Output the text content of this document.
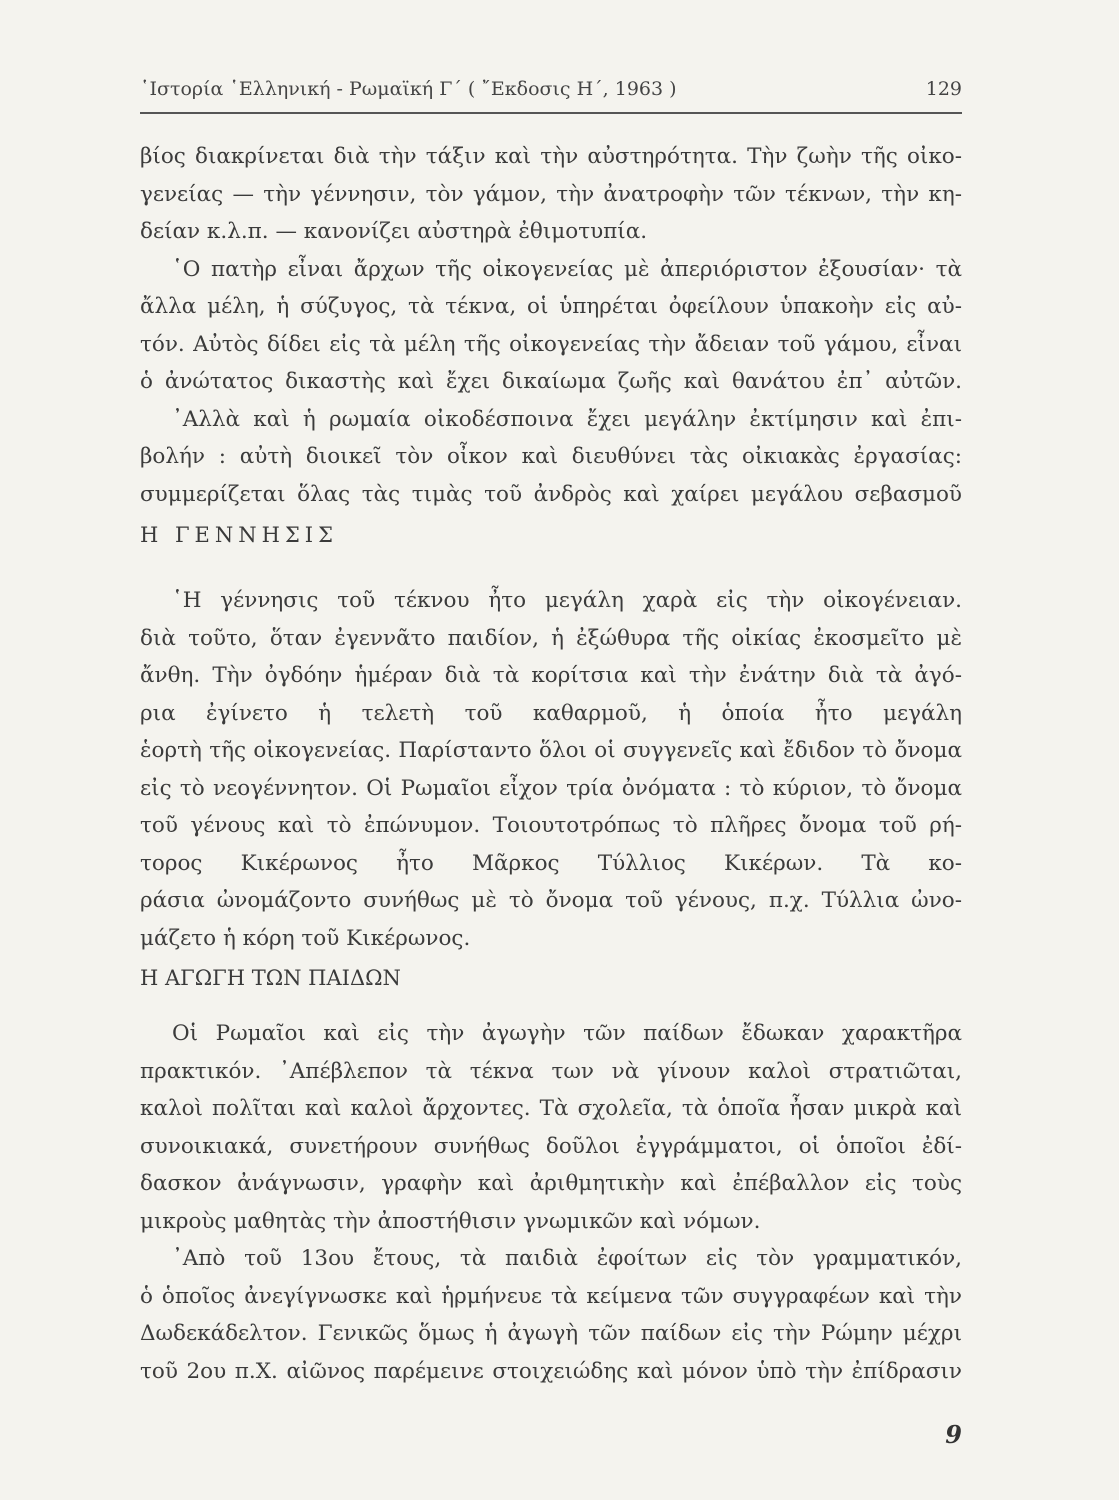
῾Ιστορία ῾Ελληνική - Ρωμαϊκή Γ΄ ( ῎Εκδοσις Η΄, 1963 )	129
βίος διακρίνεται διὰ τὴν τάξιν καὶ τὴν αὐστηρότητα. Τὴν ζωὴν τῆς οἰκο-
γενείας — τὴν γέννησιν, τὸν γάμον, τὴν ἀνατροφὴν τῶν τέκνων, τὴν κη-
δείαν κ.λ.π. — κανονίζει αὐστηρὰ ἐθιμοτυπία.
῾Ο πατὴρ εἶναι ἄρχων τῆς οἰκογενείας μὲ ἀπεριόριστον ἐξουσίαν· τὰ
ἄλλα μέλη, ἡ σύζυγος, τὰ τέκνα, οἱ ὑπηρέται ὀφείλουν ὑπακοὴν εἰς αὐ-
τόν. Αὐτὸς δίδει εἰς τὰ μέλη τῆς οἰκογενείας τὴν ἄδειαν τοῦ γάμου, εἶναι
ὁ ἀνώτατος δικαστὴς καὶ ἔχει δικαίωμα ζωῆς καὶ θανάτου ἐπ᾿ αὐτῶν.
᾿Αλλὰ καὶ ἡ ρωμαία οἰκοδέσποινα ἔχει μεγάλην ἐκτίμησιν καὶ ἐπι-
βολήν : αὐτὴ διοικεῖ τὸν οἶκον καὶ διευθύνει τὰς οἰκιακὰς ἐργασίας:
συμμερίζεται ὅλας τὰς τιμὰς τοῦ ἀνδρὸς καὶ χαίρει μεγάλου σεβασμοῦ
Η ΓΕΝΝΗΣΙΣ
῾Η γέννησις τοῦ τέκνου ἦτο μεγάλη χαρὰ εἰς τὴν οἰκογένειαν.
διὰ τοῦτο, ὅταν ἐγεννᾶτο παιδίον, ἡ ἐξώθυρα τῆς οἰκίας ἐκοσμεῖτο μὲ
ἄνθη. Τὴν ὀγδόην ἡμέραν διὰ τὰ κορίτσια καὶ τὴν ἐνάτην διὰ τὰ ἀγό-
ρια ἐγίνετο ἡ τελετὴ τοῦ καθαρμοῦ, ἡ ὁποία ἦτο μεγάλη
ἑορτὴ τῆς οἰκογενείας. Παρίσταντο ὅλοι οἱ συγγενεῖς καὶ ἔδιδον τὸ ὄνομα
εἰς τὸ νεογέννητον. Οἱ Ρωμαῖοι εἶχον τρία ὀνόματα : τὸ κύριον, τὸ ὄνομα
τοῦ γένους καὶ τὸ ἐπώνυμον. Τοιουτοτρόπως τὸ πλῆρες ὄνομα τοῦ ρή-
τορος Κικέρωνος ἦτο Μᾶρκος Τύλλιος Κικέρων. Τὰ κο-
ράσια ὠνομάζοντο συνήθως μὲ τὸ ὄνομα τοῦ γένους, π.χ. Τύλλια ὠνο-
μάζετο ἡ κόρη τοῦ Κικέρωνος.
Η ΑΓΩΓΗ ΤΩΝ ΠΑΙΔΩΝ
Οἱ Ρωμαῖοι καὶ εἰς τὴν ἀγωγὴν τῶν παίδων ἔδωκαν χαρακτῆρα
πρακτικόν. ᾿Απέβλεπον τὰ τέκνα των νὰ γίνουν καλοὶ στρατιῶται,
καλοὶ πολῖται καὶ καλοὶ ἄρχοντες. Τὰ σχολεῖα, τὰ ὁποῖα ἦσαν μικρὰ καὶ
συνοικιακά, συνετήρουν συνήθως δοῦλοι ἐγγράμματοι, οἱ ὁποῖοι ἐδί-
δασκον ἀνάγνωσιν, γραφὴν καὶ ἀριθμητικὴν καὶ ἐπέβαλλον εἰς τοὺς
μικροὺς μαθητὰς τὴν ἀποστήθισιν γνωμικῶν καὶ νόμων.
᾿Απὸ τοῦ 13ου ἔτους, τὰ παιδιὰ ἐφοίτων εἰς τὸν γραμματικόν,
ὁ ὁποῖος ἀνεγίγνωσκε καὶ ἡρμήνευε τὰ κείμενα τῶν συγγραφέων καὶ τὴν
Δωδεκάδελτον. Γενικῶς ὅμως ἡ ἀγωγὴ τῶν παίδων εἰς τὴν Ρώμην μέχρι
τοῦ 2ου π.Χ. αἰῶνος παρέμεινε στοιχειώδης καὶ μόνον ὑπὸ τὴν ἐπίδρασιν
9
